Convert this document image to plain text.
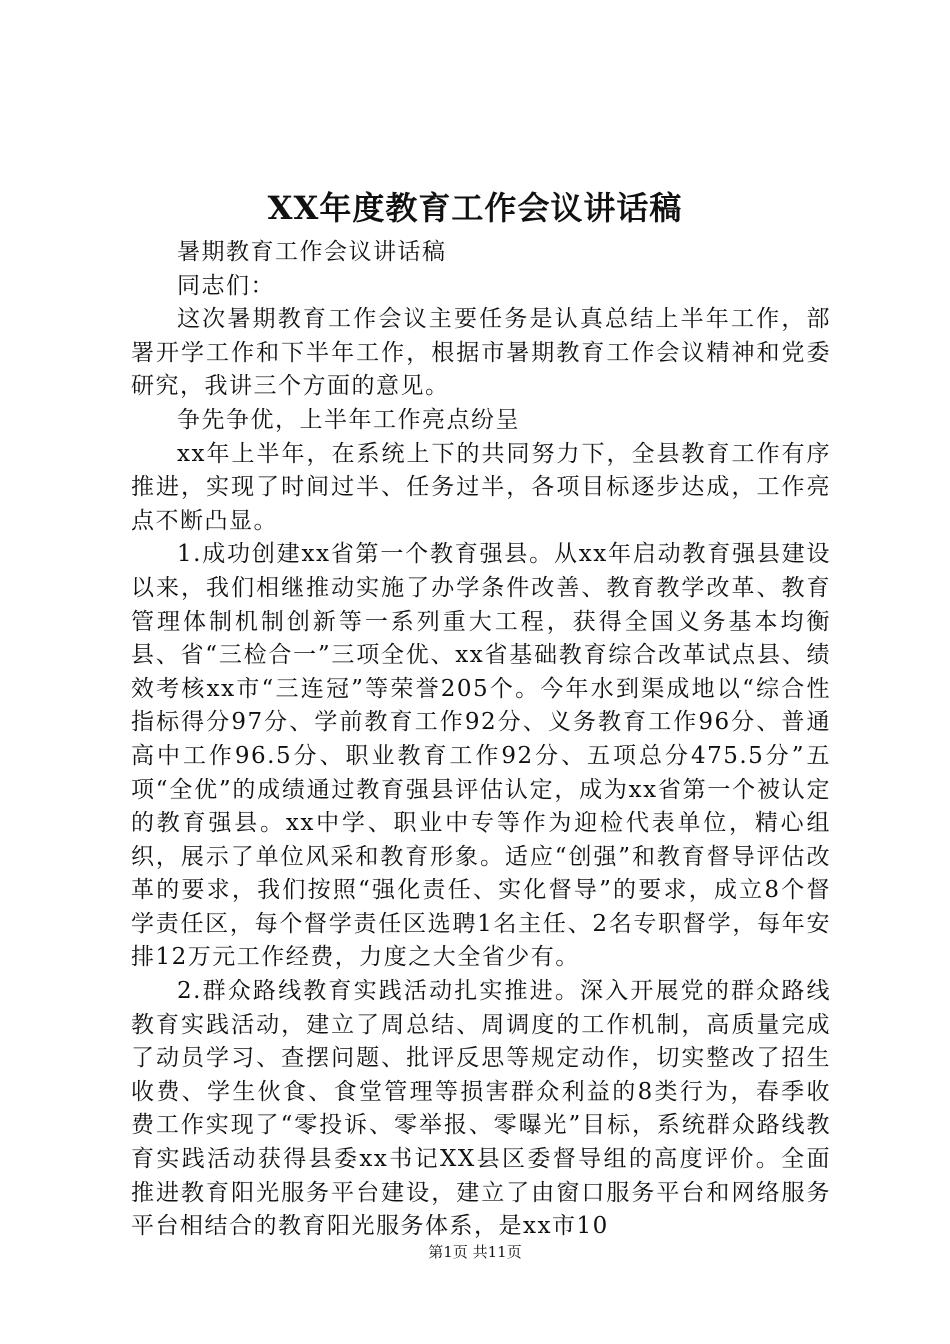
XX年度教育工作会议讲话稿

暑期教育工作会议讲话稿

同志们：

这次暑期教育工作会议主要任务是认真总结上半年工作，部署开学工作和下半年工作，根据市暑期教育工作会议精神和党委研究，我讲三个方面的意见。

争先争优，上半年工作亮点纷呈

xx年上半年，在系统上下的共同努力下，全县教育工作有序推进，实现了时间过半、任务过半，各项目标逐步达成，工作亮点不断凸显。

1.成功创建xx省第一个教育强县。从xx年启动教育强县建设以来，我们相继推动实施了办学条件改善、教育教学改革、教育管理体制机制创新等一系列重大工程，获得全国义务基本均衡县、省“三检合一”三项全优、xx省基础教育综合改革试点县、绩效考核xx市“三连冠”等荣誉205个。今年水到渠成地以“综合性指标得分97分、学前教育工作92分、义务教育工作96分、普通高中工作96.5分、职业教育工作92分、五项总分475.5分”五项“全优”的成绩通过教育强县评估认定，成为xx省第一个被认定的教育强县。xx中学、职业中专等作为迎检代表单位，精心组织，展示了单位风采和教育形象。适应“创强”和教育督导评估改革的要求，我们按照“强化责任、实化督导”的要求，成立8个督学责任区，每个督学责任区选聘1名主任、2名专职督学，每年安排12万元工作经费，力度之大全省少有。

2.群众路线教育实践活动扎实推进。深入开展党的群众路线教育实践活动，建立了周总结、周调度的工作机制，高质量完成了动员学习、查摆问题、批评反思等规定动作，切实整改了招生收费、学生伙食、食堂管理等损害群众利益的8类行为，春季收费工作实现了“零投诉、零举报、零曝光”目标，系统群众路线教育实践活动获得县委xx书记XX县区委督导组的高度评价。全面推进教育阳光服务平台建设，建立了由窗口服务平台和网络服务平台相结合的教育阳光服务体系，是xx市10

第1页 共11页
